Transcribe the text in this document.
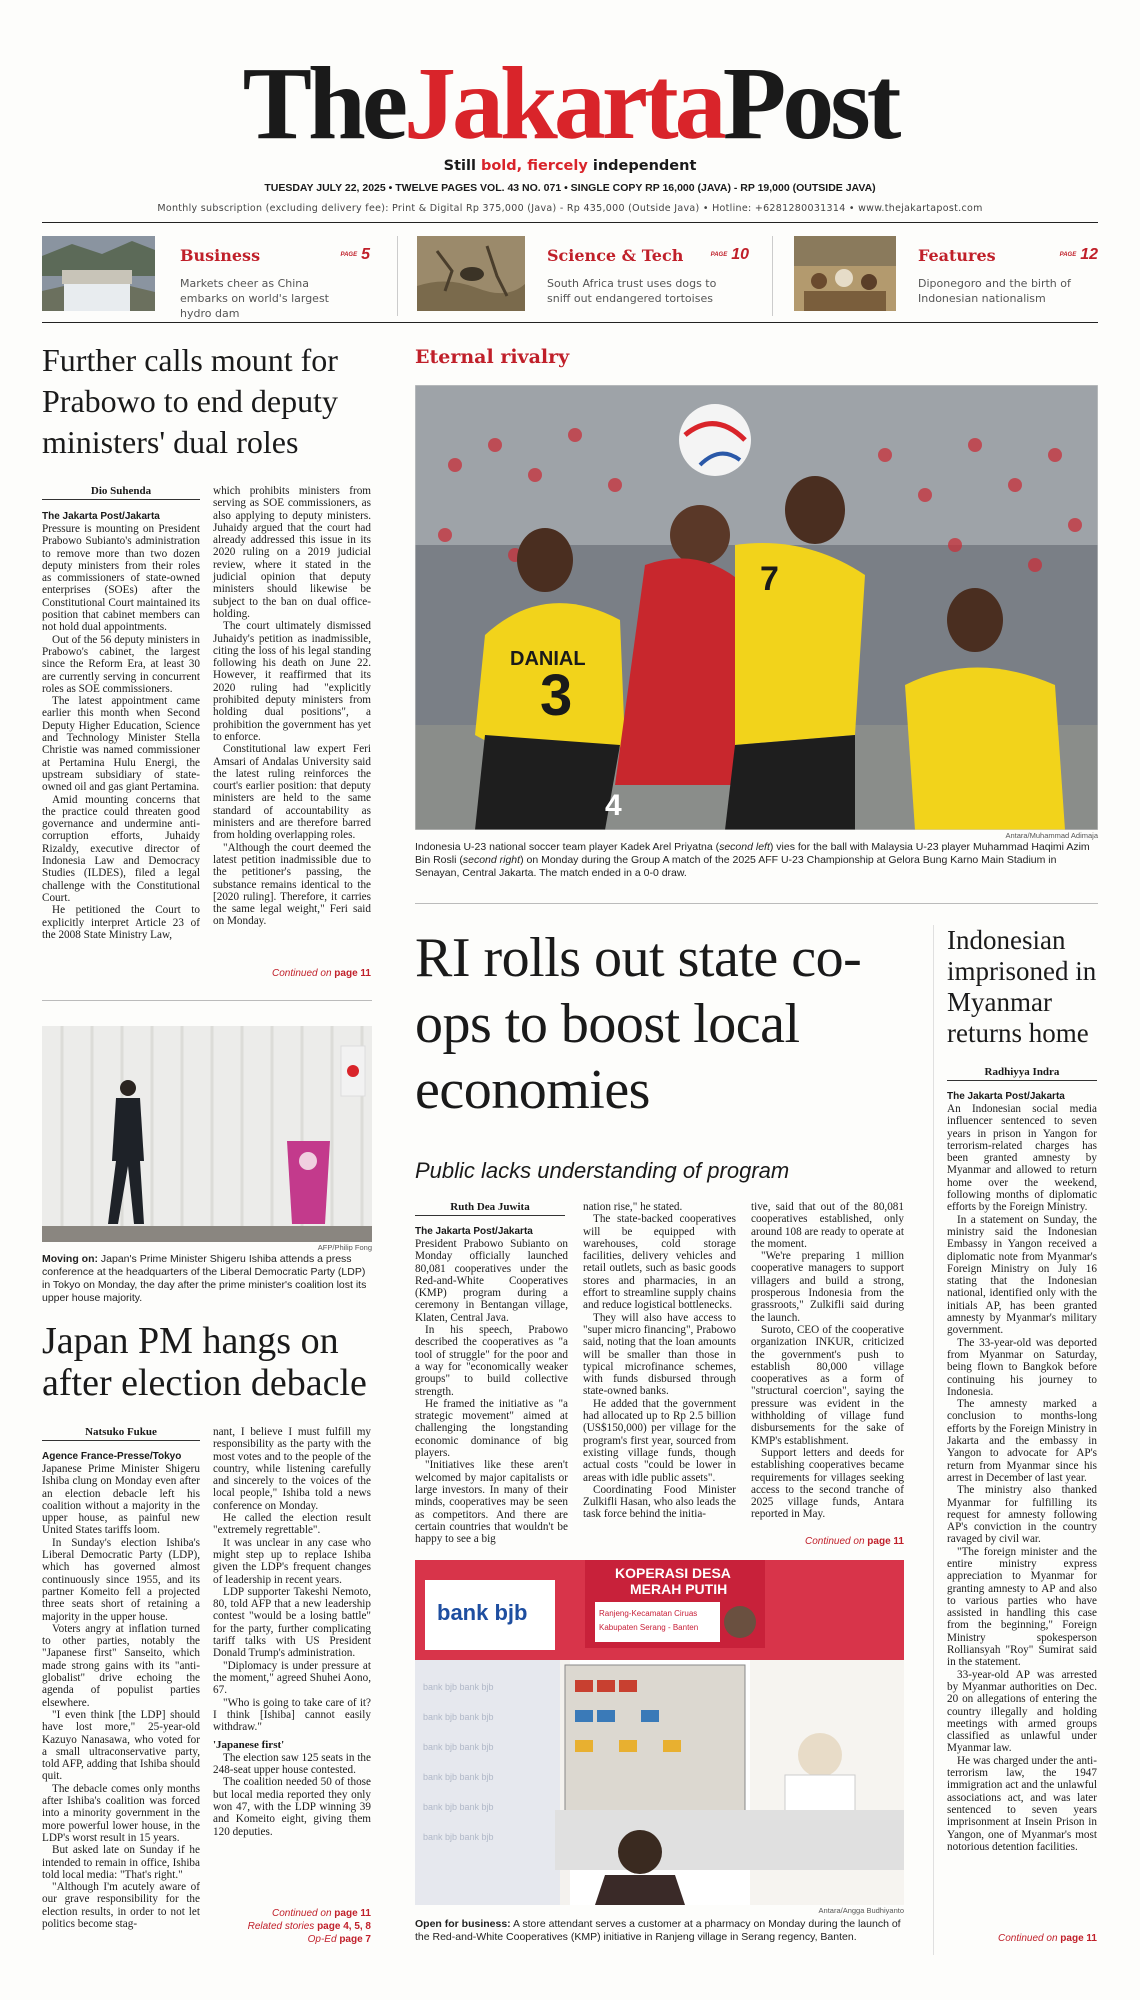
TheJakartaPost
Still bold, fiercely independent
TUESDAY JULY 22, 2025 • TWELVE PAGES VOL. 43 NO. 071 • SINGLE COPY RP 16,000 (JAVA) - RP 19,000 (OUTSIDE JAVA)
Monthly subscription (excluding delivery fee): Print & Digital Rp 375,000 (Java) - Rp 435,000 (Outside Java) • Hotline: +6281280031314 • www.thejakartapost.com
Business	PAGE 5
Markets cheer as China embarks on world's largest hydro dam
Science & Tech	PAGE 10
South Africa trust uses dogs to sniff out endangered tortoises
Features	PAGE 12
Diponegoro and the birth of Indonesian nationalism
Further calls mount for Prabowo to end deputy ministers' dual roles
Dio Suhenda
The Jakarta Post/Jakarta

Pressure is mounting on President Prabowo Subianto's administration to remove more than two dozen deputy ministers from their roles as commissioners of state-owned enterprises (SOEs) after the Constitutional Court maintained its position that cabinet members can not hold dual appointments.

Out of the 56 deputy ministers in Prabowo's cabinet, the largest since the Reform Era, at least 30 are currently serving in concurrent roles as SOE commissioners.

The latest appointment came earlier this month when Second Deputy Higher Education, Science and Technology Minister Stella Christie was named commissioner at Pertamina Hulu Energi, the upstream subsidiary of state-owned oil and gas giant Pertamina.

Amid mounting concerns that the practice could threaten good governance and undermine anti-corruption efforts, Juhaidy Rizaldy, executive director of Indonesia Law and Democracy Studies (ILDES), filed a legal challenge with the Constitutional Court.

He petitioned the Court to explicitly interpret Article 23 of the 2008 State Ministry Law,

which prohibits ministers from serving as SOE commissioners, as also applying to deputy ministers. Juhaidy argued that the court had already addressed this issue in its 2020 ruling on a 2019 judicial review, where it stated in the judicial opinion that deputy ministers should likewise be subject to the ban on dual office-holding.

The court ultimately dismissed Juhaidy's petition as inadmissible, citing the loss of his legal standing following his death on June 22. However, it reaffirmed that its 2020 ruling had "explicitly prohibited deputy ministers from holding dual positions", a prohibition the government has yet to enforce.

Constitutional law expert Feri Amsari of Andalas University said the latest ruling reinforces the court's earlier position: that deputy ministers are held to the same standard of accountability as ministers and are therefore barred from holding overlapping roles.

"Although the court deemed the latest petition inadmissible due to the petitioner's passing, the substance remains identical to the [2020 ruling]. Therefore, it carries the same legal weight," Feri said on Monday.

Continued on page 11
Eternal rivalry
3
DANIAL
4
7
Antara/Muhammad Adimaja
Indonesia U-23 national soccer team player Kadek Arel Priyatna (second left) vies for the ball with Malaysia U-23 player Muhammad Haqimi Azim Bin Rosli (second right) on Monday during the Group A match of the 2025 AFF U-23 Championship at Gelora Bung Karno Main Stadium in Senayan, Central Jakarta. The match ended in a 0-0 draw.
AFP/Philip Fong
Moving on: Japan's Prime Minister Shigeru Ishiba attends a press conference at the headquarters of the Liberal Democratic Party (LDP) in Tokyo on Monday, the day after the prime minister's coalition lost its upper house majority.
Japan PM hangs on after election debacle
Natsuko Fukue
Agence France-Presse/Tokyo

Japanese Prime Minister Shigeru Ishiba clung on Monday even after an election debacle left his coalition without a majority in the upper house, as painful new United States tariffs loom.

In Sunday's election Ishiba's Liberal Democratic Party (LDP), which has governed almost continuously since 1955, and its partner Komeito fell a projected three seats short of retaining a majority in the upper house.

Voters angry at inflation turned to other parties, notably the "Japanese first" Sanseito, which made strong gains with its "anti-globalist" drive echoing the agenda of populist parties elsewhere.

"I even think [the LDP] should have lost more," 25-year-old Kazuyo Nanasawa, who voted for a small ultraconservative party, told AFP, adding that Ishiba should quit.

The debacle comes only months after Ishiba's coalition was forced into a minority government in the more powerful lower house, in the LDP's worst result in 15 years.

But asked late on Sunday if he intended to remain in office, Ishiba told local media: "That's right."

"Although I'm acutely aware of our grave responsibility for the election results, in order to not let politics become stag-

nant, I believe I must fulfill my responsibility as the party with the most votes and to the people of the country, while listening carefully and sincerely to the voices of the local people," Ishiba told a news conference on Monday.

He called the election result "extremely regrettable".

It was unclear in any case who might step up to replace Ishiba given the LDP's frequent changes of leadership in recent years.

LDP supporter Takeshi Nemoto, 80, told AFP that a new leadership contest "would be a losing battle" for the party, further complicating tariff talks with US President Donald Trump's administration.

"Diplomacy is under pressure at the moment," agreed Shuhei Aono, 67.

"Who is going to take care of it? I think [Ishiba] cannot easily withdraw."

'Japanese first'

The election saw 125 seats in the 248-seat upper house contested.

The coalition needed 50 of those but local media reported they only won 47, with the LDP winning 39 and Komeito eight, giving them 120 deputies.

Continued on page 11
Related stories page 4, 5, 8
Op-Ed page 7
RI rolls out state co-ops to boost local economies
Public lacks understanding of program
Ruth Dea Juwita
The Jakarta Post/Jakarta

President Prabowo Subianto on Monday officially launched 80,081 cooperatives under the Red-and-White Cooperatives (KMP) program during a ceremony in Bentangan village, Klaten, Central Java.

In his speech, Prabowo described the cooperatives as "a tool of struggle" for the poor and a way for "economically weaker groups" to build collective strength.

He framed the initiative as "a strategic movement" aimed at challenging the longstanding economic dominance of big players.

"Initiatives like these aren't welcomed by major capitalists or large investors. In many of their minds, cooperatives may be seen as competitors. And there are certain countries that wouldn't be happy to see a big

nation rise," he stated.

The state-backed cooperatives will be equipped with warehouses, cold storage facilities, delivery vehicles and retail outlets, such as basic goods stores and pharmacies, in an effort to streamline supply chains and reduce logistical bottlenecks.

They will also have access to "super micro financing", Prabowo said, noting that the loan amounts will be smaller than those in typical microfinance schemes, with funds disbursed through state-owned banks.

He added that the government had allocated up to Rp 2.5 billion (US$150,000) per village for the program's first year, sourced from existing village funds, though actual costs "could be lower in areas with idle public assets".

Coordinating Food Minister Zulkifli Hasan, who also leads the task force behind the initia-

tive, said that out of the 80,081 cooperatives established, only around 108 are ready to operate at the moment.

"We're preparing 1 million cooperative managers to support villagers and build a strong, prosperous Indonesia from the grassroots," Zulkifli said during the launch.

Suroto, CEO of the cooperative organization INKUR, criticized the government's push to establish 80,000 village cooperatives as a form of "structural coercion", saying the pressure was evident in the withholding of village fund disbursements for the sake of KMP's establishment.

Support letters and deeds for establishing cooperatives became requirements for villages seeking access to the second tranche of 2025 village funds, Antara reported in May.

Continued on page 11
bank bjb
KOPERASI DESA
MERAH PUTIH
Ranjeng-Kecamatan Ciruas
Kabupaten Serang - Banten
bank bjb bank bjb
bank bjb bank bjb
bank bjb bank bjb
bank bjb bank bjb
bank bjb bank bjb
bank bjb bank bjb
Antara/Angga Budhiyanto
Open for business: A store attendant serves a customer at a pharmacy on Monday during the launch of the Red-and-White Cooperatives (KMP) initiative in Ranjeng village in Serang regency, Banten.
Indonesian imprisoned in Myanmar returns home
Radhiyya Indra
The Jakarta Post/Jakarta

An Indonesian social media influencer sentenced to seven years in prison in Yangon for terrorism-related charges has been granted amnesty by Myanmar and allowed to return home over the weekend, following months of diplomatic efforts by the Foreign Ministry.

In a statement on Sunday, the ministry said the Indonesian Embassy in Yangon received a diplomatic note from Myanmar's Foreign Ministry on July 16 stating that the Indonesian national, identified only with the initials AP, has been granted amnesty by Myanmar's military government.

The 33-year-old was deported from Myanmar on Saturday, being flown to Bangkok before continuing his journey to Indonesia.

The amnesty marked a conclusion to months-long efforts by the Foreign Ministry in Jakarta and the embassy in Yangon to advocate for AP's return from Myanmar since his arrest in December of last year.

The ministry also thanked Myanmar for fulfilling its request for amnesty following AP's conviction in the country ravaged by civil war.

"The foreign minister and the entire ministry express appreciation to Myanmar for granting amnesty to AP and also to various parties who have assisted in handling this case from the beginning," Foreign Ministry spokesperson Rolliansyah "Roy" Sumirat said in the statement.

33-year-old AP was arrested by Myanmar authorities on Dec. 20 on allegations of entering the country illegally and holding meetings with armed groups classified as unlawful under Myanmar law.

He was charged under the anti-terrorism law, the 1947 immigration act and the unlawful associations act, and was later sentenced to seven years imprisonment at Insein Prison in Yangon, one of Myanmar's most notorious detention facilities.

Continued on page 11
